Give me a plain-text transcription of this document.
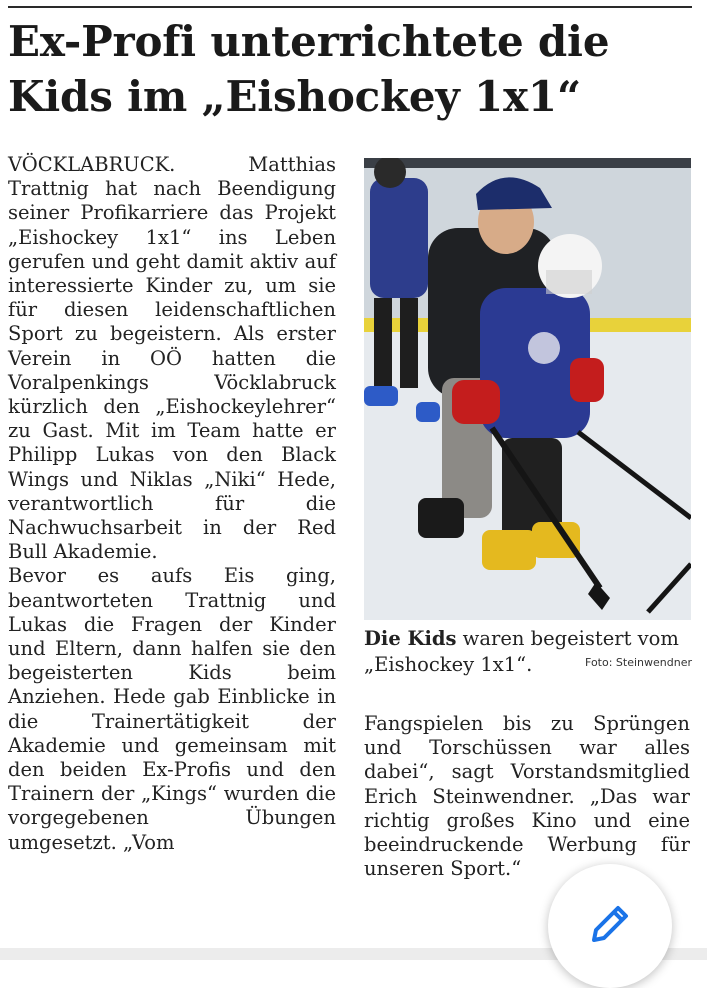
Ex-Profi unterrichtete die
Kids im „Eishockey 1x1“

VÖCKLABRUCK. Matthias Trattnig hat nach Beendigung seiner Profikarriere das Projekt „Eishockey 1x1“ ins Leben gerufen und geht damit aktiv auf interessierte Kinder zu, um sie für diesen leidenschaftlichen Sport zu begeistern. Als erster Verein in OÖ hatten die Voralpenkings Vöcklabruck kürzlich den „Eishockeylehrer“ zu Gast. Mit im Team hatte er Philipp Lukas von den Black Wings und Niklas „Niki“ Hede, verantwortlich für die Nachwuchsarbeit in der Red Bull Akademie.

Bevor es aufs Eis ging, beantworteten Trattnig und Lukas die Fragen der Kinder und Eltern, dann halfen sie den begeisterten Kids beim Anziehen. Hede gab Einblicke in die Trainertätigkeit der Akademie und gemeinsam mit den beiden Ex-Profis und den Trainern der „Kings“ wurden die vorgegebenen Übungen umgesetzt. „Vom

Die Kids waren begeistert vom „Eishockey 1x1“.	Foto: Steinwendner

Fangspielen bis zu Sprüngen und Torschüssen war alles dabei“, sagt Vorstandsmitglied Erich Steinwendner. „Das war richtig großes Kino und eine beeindruckende Werbung für unseren Sport.“
